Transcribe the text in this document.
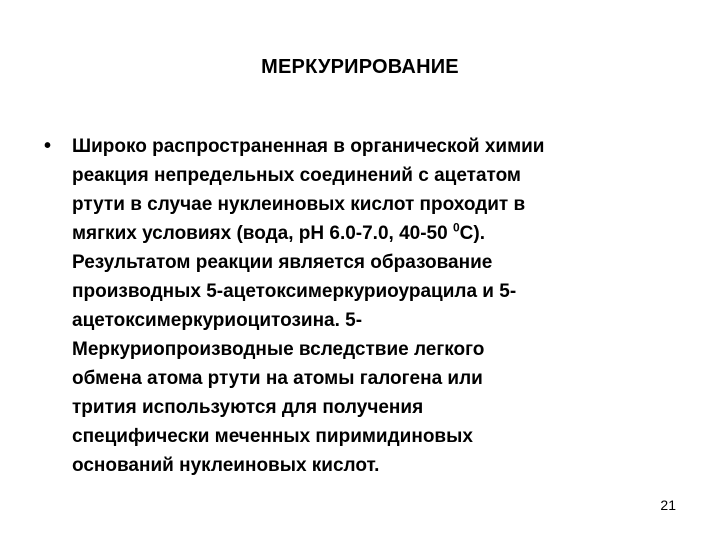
МЕРКУРИРОВАНИЕ
• Широко распространенная в органической химии
реакция непредельных соединений с ацетатом
ртути в случае нуклеиновых кислот проходит в
мягких условиях (вода, рН 6.0-7.0, 40-50 $^0$С).
Результатом реакции является образование
производных 5-ацетоксимеркуриоурацила и 5-
ацетоксимеркуриоцитозина. 5-
Меркуриопроизводные вследствие легкого
обмена атома ртути на атомы галогена или
трития используются для получения
специфически меченных пиримидиновых
оснований нуклеиновых кислот.
21
